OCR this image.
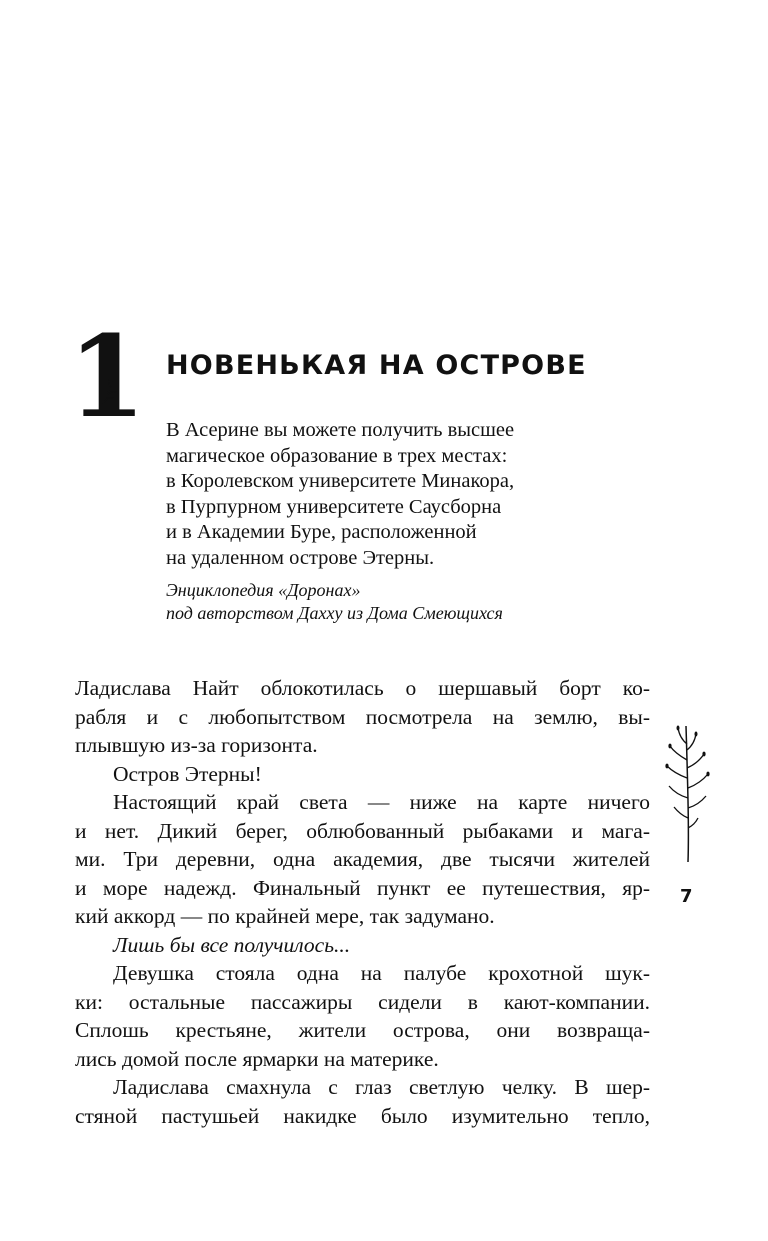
1 НОВЕНЬКАЯ НА ОСТРОВЕ
В Асерине вы можете получить высшее
магическое образование в трех местах:
в Королевском университете Минакора,
в Пурпурном университете Саусборна
и в Академии Буре, расположенной
на удаленном острове Этерны.
Энциклопедия «Доронах»
под авторством Дахху из Дома Смеющихся
Ладислава Найт облокотилась о шершавый борт ко-
рабля и с любопытством посмотрела на землю, вы-
плывшую из-за горизонта.
Остров Этерны!
Настоящий край света — ниже на карте ничего
и нет. Дикий берег, облюбованный рыбаками и мага-
ми. Три деревни, одна академия, две тысячи жителей
и море надежд. Финальный пункт ее путешествия, яр-
кий аккорд — по крайней мере, так задумано.
Лишь бы все получилось...
Девушка стояла одна на палубе крохотной шук-
ки: остальные пассажиры сидели в кают-компании.
Сплошь крестьяне, жители острова, они возвраща-
лись домой после ярмарки на материке.
Ладислава смахнула с глаз светлую челку. В шер-
стяной пастушьей накидке было изумительно тепло,
7
